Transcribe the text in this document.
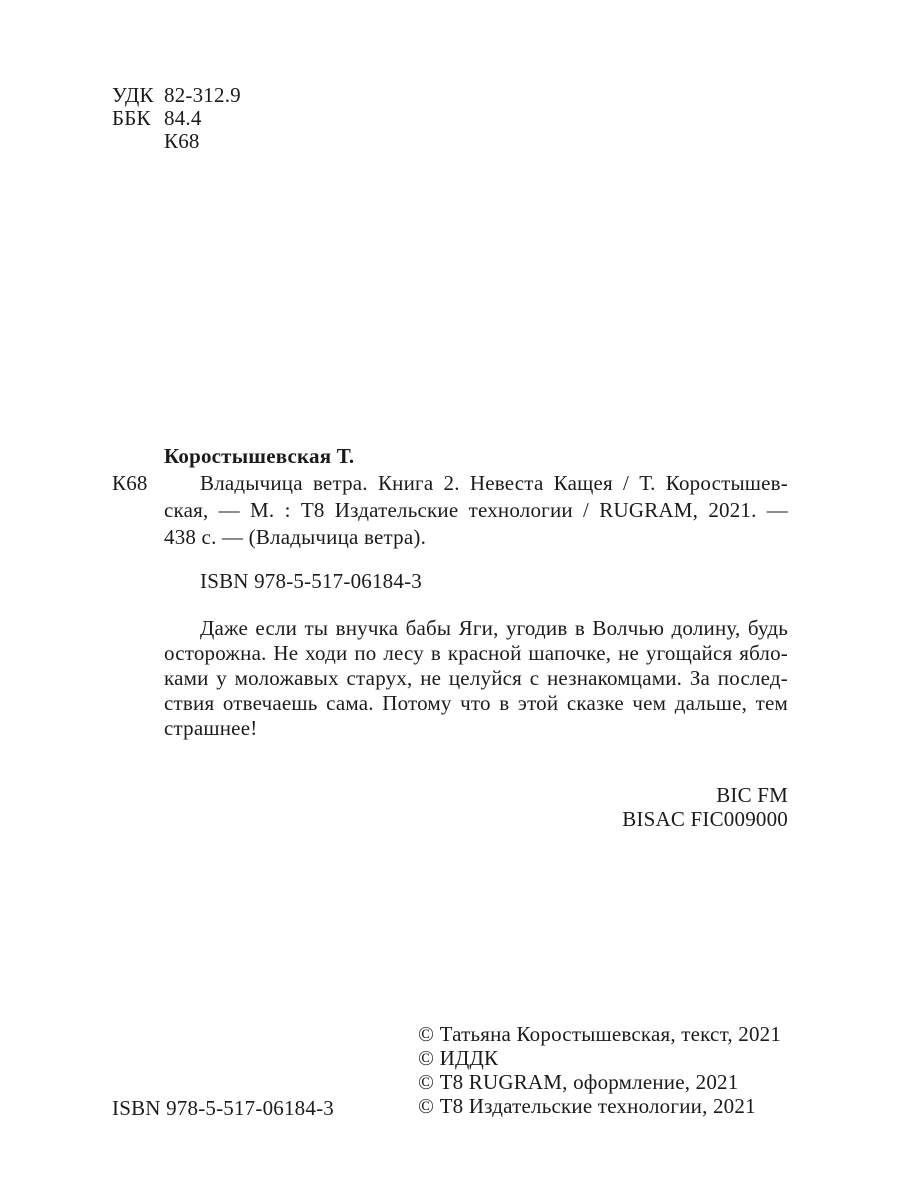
УДК 82-312.9
ББК 84.4
К68
К68
Коростышевская Т.
Владычица ветра. Книга 2. Невеста Кащея / Т. Коростышев-
ская, — М. : Т8 Издательские технологии / RUGRAM, 2021. —
438 с. — (Владычица ветра).
ISBN 978-5-517-06184-3
Даже если ты внучка бабы Яги, угодив в Волчью долину, будь
осторожна. Не ходи по лесу в красной шапочке, не угощайся ябло-
ками у моложавых старух, не целуйся с незнакомцами. За послед-
ствия отвечаешь сама. Потому что в этой сказке чем дальше, тем
страшнее!
BIC FM
BISAC FIC009000
© Татьяна Коростышевская, текст, 2021
© ИДДК
© Т8 RUGRAM, оформление, 2021
© Т8 Издательские технологии, 2021
ISBN 978-5-517-06184-3
